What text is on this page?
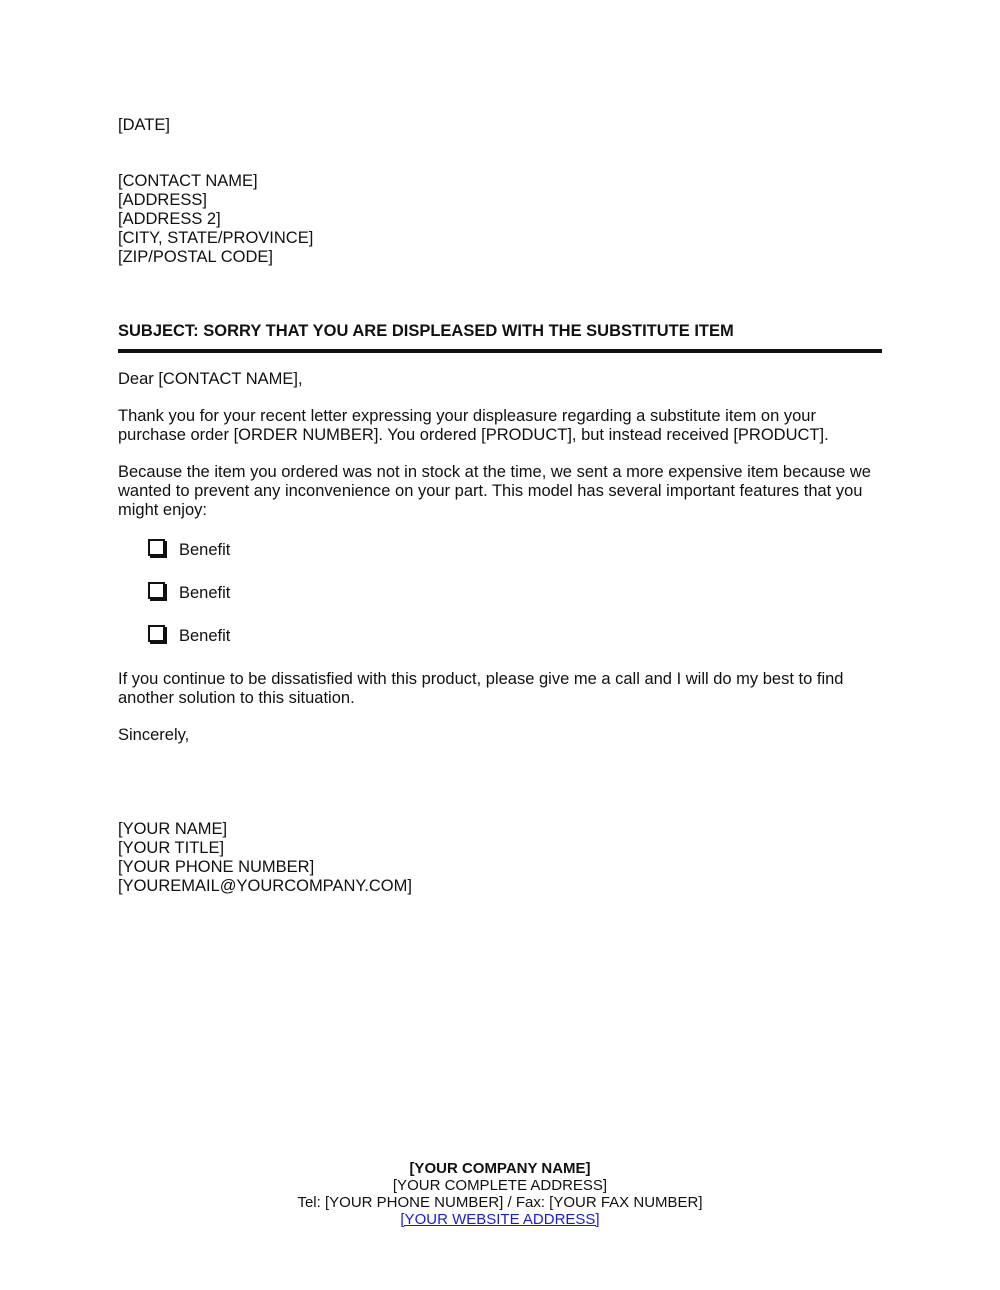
[DATE]
[CONTACT NAME]
[ADDRESS]
[ADDRESS 2]
[CITY, STATE/PROVINCE]
[ZIP/POSTAL CODE]
SUBJECT: SORRY THAT YOU ARE DISPLEASED WITH THE SUBSTITUTE ITEM

Dear [CONTACT NAME],

Thank you for your recent letter expressing your displeasure regarding a substitute item on your purchase order [ORDER NUMBER]. You ordered [PRODUCT], but instead received [PRODUCT].

Because the item you ordered was not in stock at the time, we sent a more expensive item because we wanted to prevent any inconvenience on your part. This model has several important features that you might enjoy:

Benefit
Benefit
Benefit

If you continue to be dissatisfied with this product, please give me a call and I will do my best to find another solution to this situation.

Sincerely,
[YOUR NAME]
[YOUR TITLE]
[YOUR PHONE NUMBER]
[YOUREMAIL@YOURCOMPANY.COM]
[YOUR COMPANY NAME]
[YOUR COMPLETE ADDRESS]
Tel: [YOUR PHONE NUMBER] / Fax: [YOUR FAX NUMBER]
[YOUR WEBSITE ADDRESS]
